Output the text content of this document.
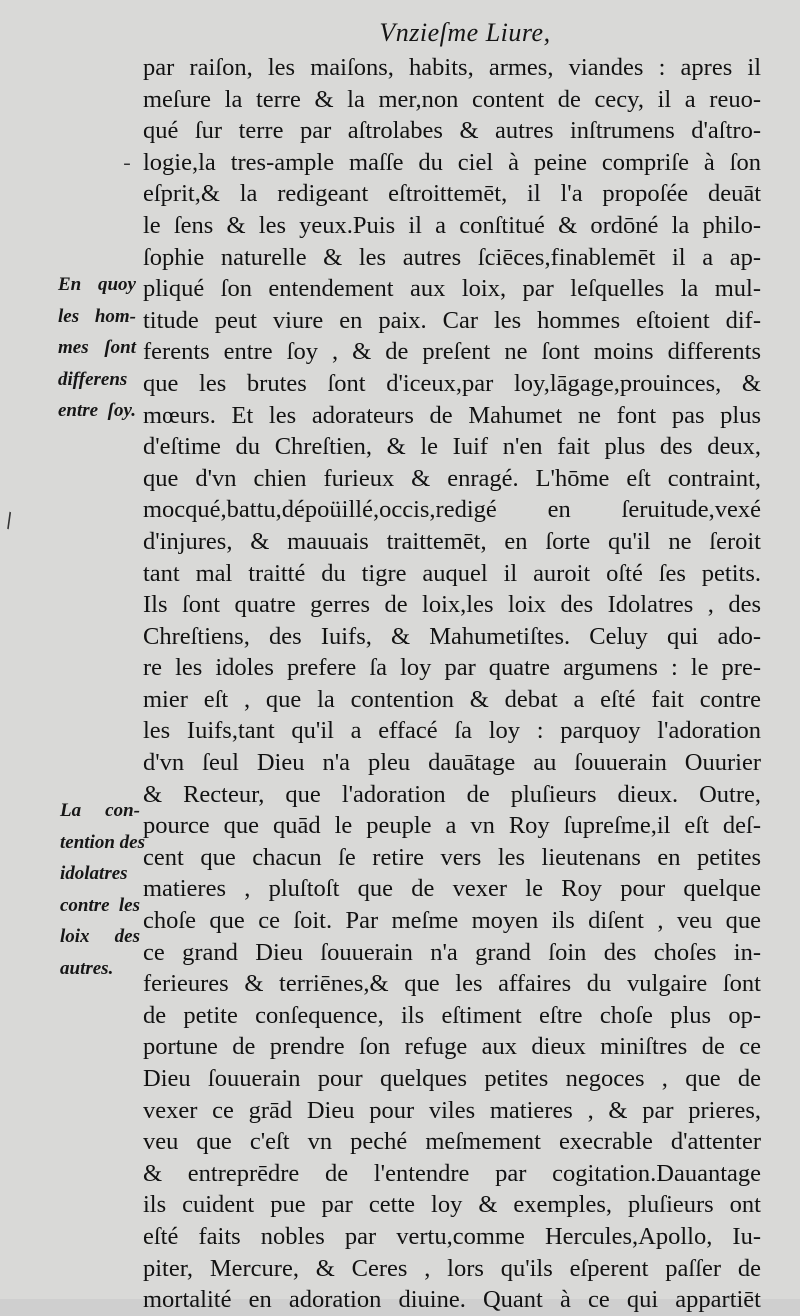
Vnzieſme Liure,
En quoy
les hom-
mes ſont
differens
entre ſoy.
La con-
tention des
idolatres
contre les
loix des
autres.
par raiſon, les maiſons, habits, armes, viandes : apres il
meſure la terre & la mer,non content de cecy, il a reuo-
qué ſur terre par aſtrolabes & autres inſtrumens d'aſtro-
logie,la tres-ample maſſe du ciel à peine compriſe à ſon
eſprit,& la redigeant eſtroittemēt, il l'a propoſée deuāt
le ſens & les yeux.Puis il a conſtitué & ordōné la philo-
ſophie naturelle & les autres ſciēces,finablemēt il a ap-
pliqué ſon entendement aux loix, par leſquelles la mul-
titude peut viure en paix. Car les hommes eſtoient dif-
ferents entre ſoy , & de preſent ne ſont moins differents
que les brutes ſont d'iceux,par loy,lāgage,prouinces, &
mœurs. Et les adorateurs de Mahumet ne font pas plus
d'eſtime du Chreſtien, & le Iuif n'en fait plus des deux,
que d'vn chien furieux & enragé. L'hōme eſt contraint,
mocqué,battu,dépoüillé,occis,redigé en ſeruitude,vexé
d'injures, & mauuais traittemēt, en ſorte qu'il ne ſeroit
tant mal traitté du tigre auquel il auroit oſté ſes petits.
Ils ſont quatre gerres de loix,les loix des Idolatres , des
Chreſtiens, des Iuifs, & Mahumetiſtes. Celuy qui ado-
re les idoles prefere ſa loy par quatre argumens : le pre-
mier eſt , que la contention & debat a eſté fait contre
les Iuifs,tant qu'il a effacé ſa loy : parquoy l'adoration
d'vn ſeul Dieu n'a pleu dauātage au ſouuerain Ouurier
& Recteur, que l'adoration de pluſieurs dieux. Outre,
pource que quād le peuple a vn Roy ſupreſme,il eſt deſ-
cent que chacun ſe retire vers les lieutenans en petites
matieres , pluſtoſt que de vexer le Roy pour quelque
choſe que ce ſoit. Par meſme moyen ils diſent , veu que
ce grand Dieu ſouuerain n'a grand ſoin des choſes in-
ferieures & terriēnes,& que les affaires du vulgaire ſont
de petite conſequence, ils eſtiment eſtre choſe plus op-
portune de prendre ſon refuge aux dieux miniſtres de ce
Dieu ſouuerain pour quelques petites negoces , que de
vexer ce grād Dieu pour viles matieres , & par prieres,
veu que c'eſt vn peché meſmement execrable d'attenter
& entreprēdre de l'entendre par cogitation.Dauantage
ils cuident pue par cette loy & exemples, pluſieurs ont
eſté faits nobles par vertu,comme Hercules,Apollo, Iu-
piter, Mercure, & Ceres , lors qu'ils eſperent paſſer de
mortalité en adoration diuine. Quant à ce qui appartiēt
ˉ
\
